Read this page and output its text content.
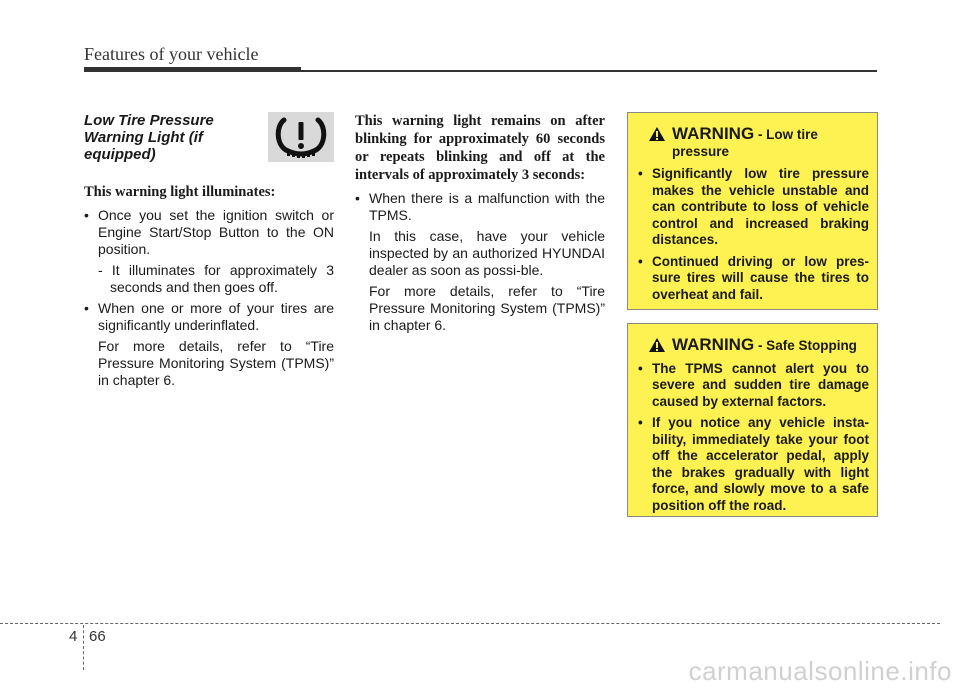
Features of your vehicle

Low Tire Pressure Warning Light (if equipped)

This warning light illuminates:

• Once you set the ignition switch or Engine Start/Stop Button to the ON position.

- It illuminates for approximately 3 seconds and then goes off.

• When one or more of your tires are significantly underinflated.

For more details, refer to “Tire Pressure Monitoring System (TPMS)” in chapter 6.

This warning light remains on after blinking for approximately 60 seconds or repeats blinking and off at the intervals of approximately 3 seconds:

• When there is a malfunction with the TPMS.

In this case, have your vehicle inspected by an authorized HYUNDAI dealer as soon as possi-ble.

For more details, refer to “Tire Pressure Monitoring System (TPMS)” in chapter 6.

WARNING - Low tire pressure

• Significantly low tire pressure makes the vehicle unstable and can contribute to loss of vehicle control and increased braking distances.

• Continued driving or low pres-sure tires will cause the tires to overheat and fail.

WARNING - Safe Stopping

• The TPMS cannot alert you to severe and sudden tire damage caused by external factors.

• If you notice any vehicle insta-bility, immediately take your foot off the accelerator pedal, apply the brakes gradually with light force, and slowly move to a safe position off the road.

4 66
carmanualsonline.info
